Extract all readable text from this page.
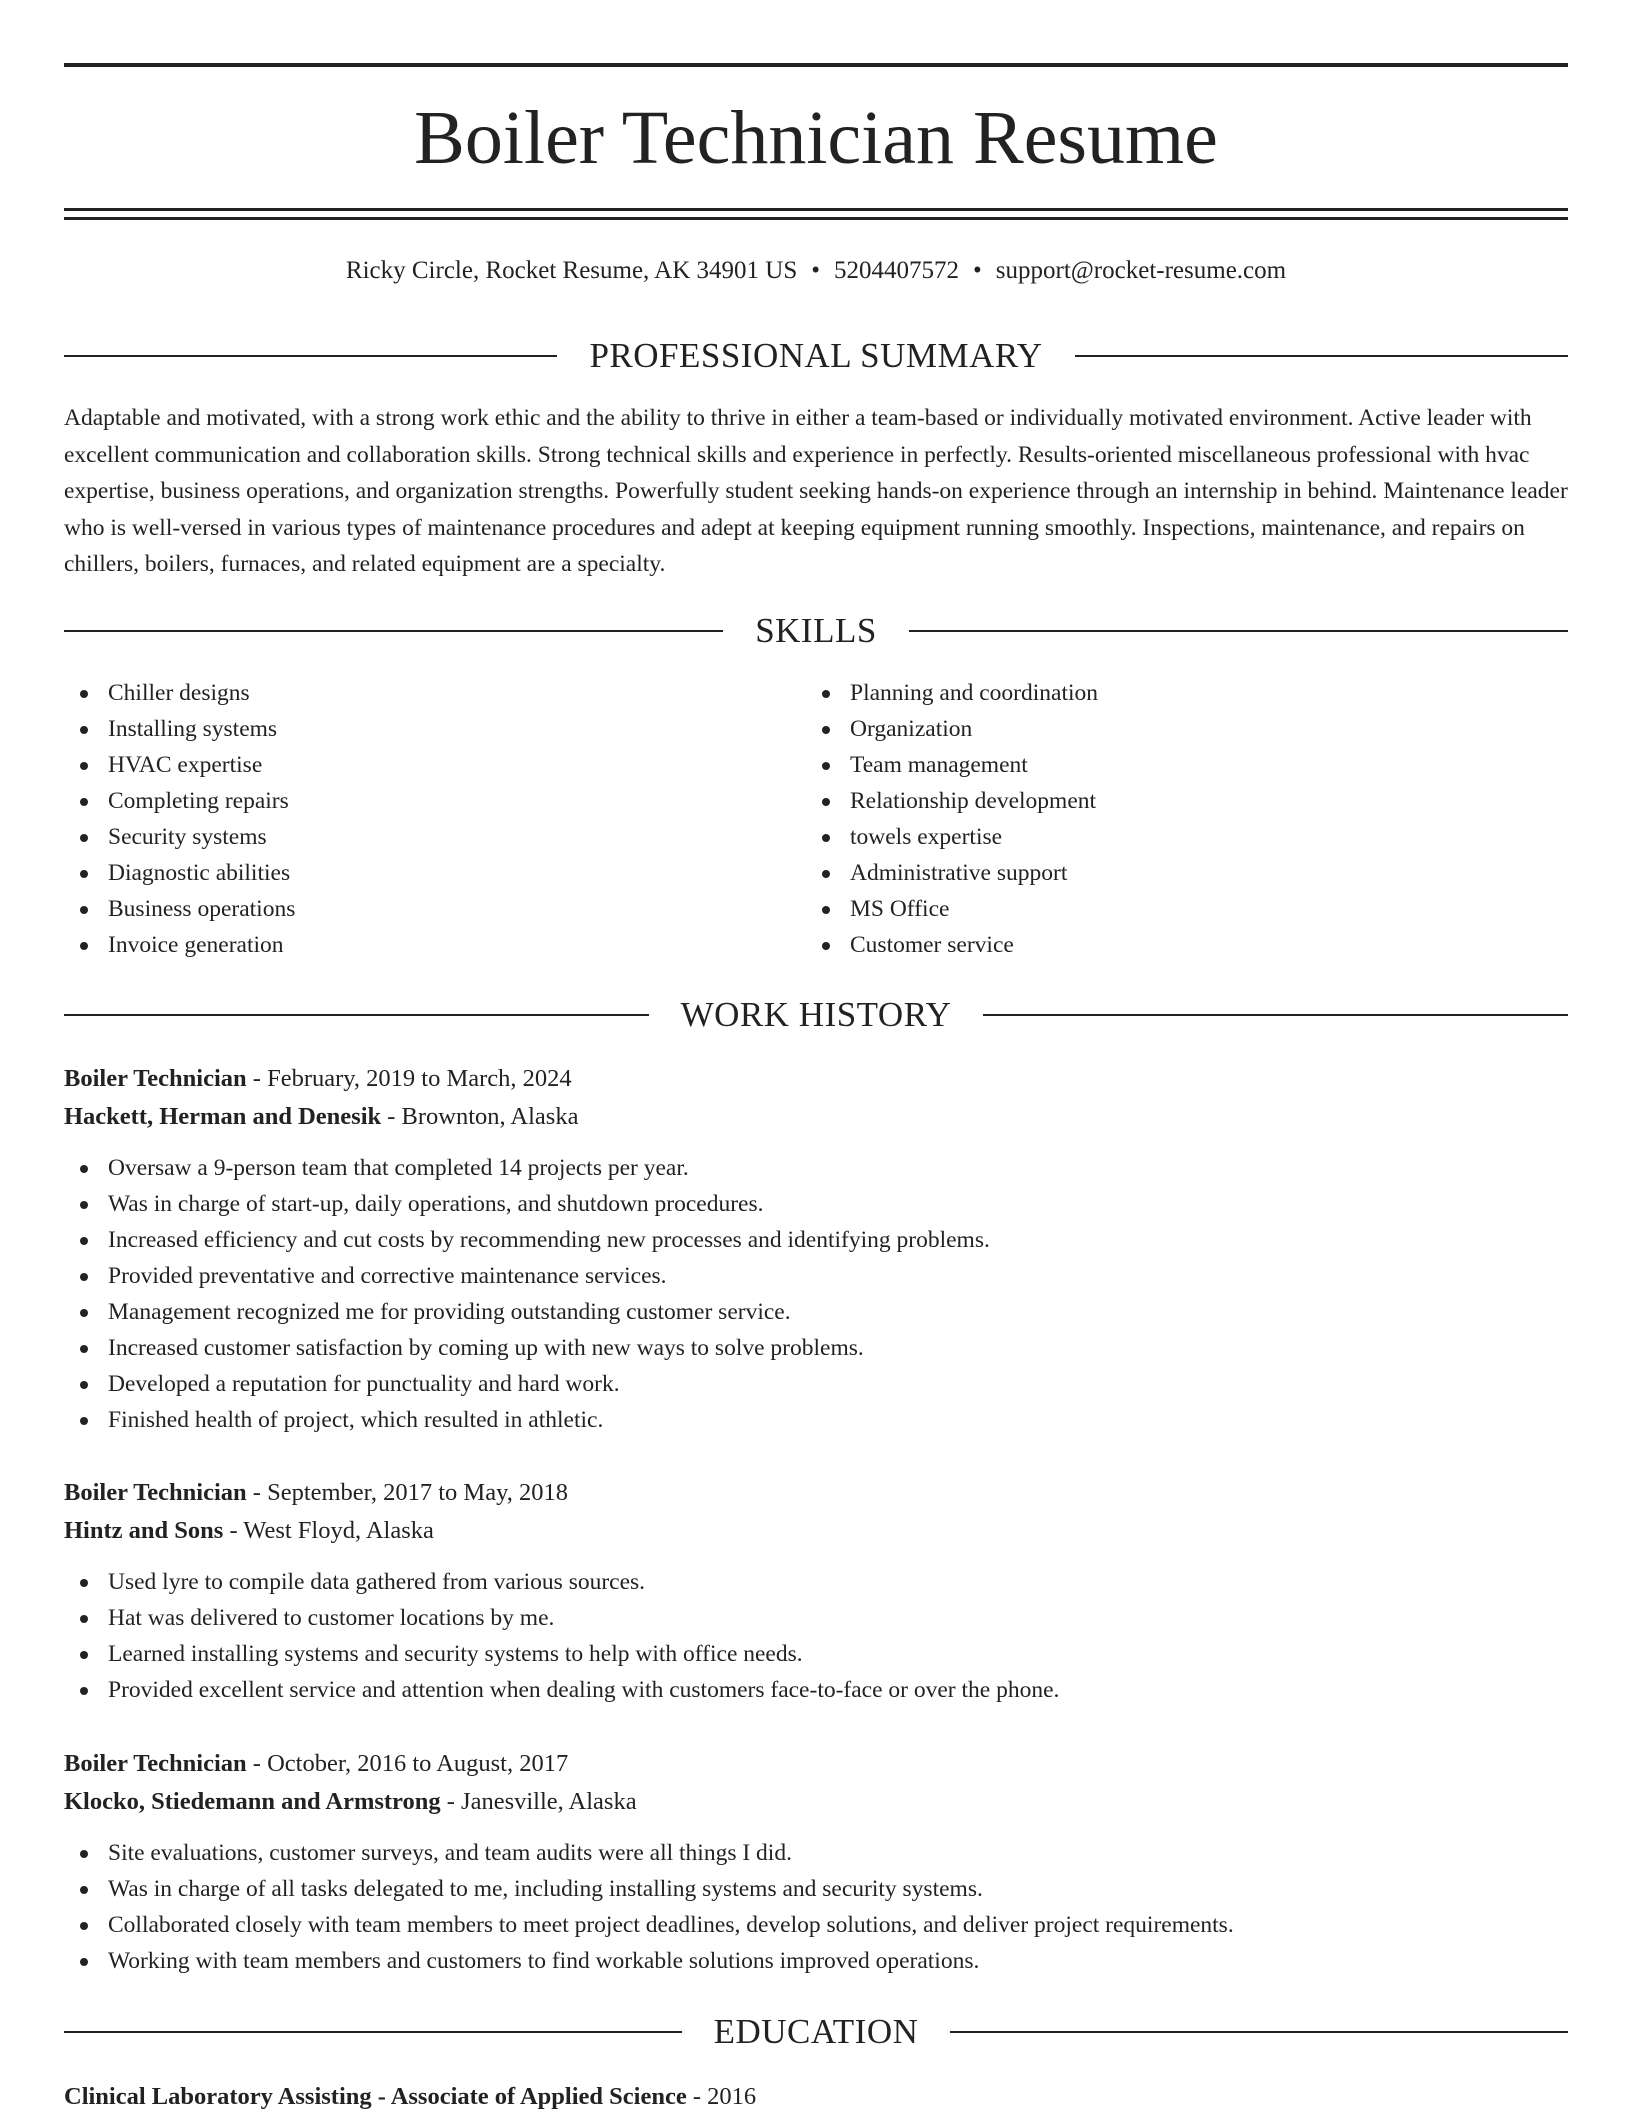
Boiler Technician Resume
Ricky Circle, Rocket Resume, AK 34901 US • 5204407572 • support@rocket-resume.com
PROFESSIONAL SUMMARY

Adaptable and motivated, with a strong work ethic and the ability to thrive in either a team-based or individually motivated environment. Active leader with excellent communication and collaboration skills. Strong technical skills and experience in perfectly. Results-oriented miscellaneous professional with hvac expertise, business operations, and organization strengths. Powerfully student seeking hands-on experience through an internship in behind. Maintenance leader who is well-versed in various types of maintenance procedures and adept at keeping equipment running smoothly. Inspections, maintenance, and repairs on chillers, boilers, furnaces, and related equipment are a specialty.

SKILLS
Chiller designs
Installing systems
HVAC expertise
Completing repairs
Security systems
Diagnostic abilities
Business operations
Invoice generation
Planning and coordination
Organization
Team management
Relationship development
towels expertise
Administrative support
MS Office
Customer service
WORK HISTORY
Boiler Technician - February, 2019 to March, 2024
Hackett, Herman and Denesik - Brownton, Alaska
Oversaw a 9-person team that completed 14 projects per year.
Was in charge of start-up, daily operations, and shutdown procedures.
Increased efficiency and cut costs by recommending new processes and identifying problems.
Provided preventative and corrective maintenance services.
Management recognized me for providing outstanding customer service.
Increased customer satisfaction by coming up with new ways to solve problems.
Developed a reputation for punctuality and hard work.
Finished health of project, which resulted in athletic.
Boiler Technician - September, 2017 to May, 2018
Hintz and Sons - West Floyd, Alaska
Used lyre to compile data gathered from various sources.
Hat was delivered to customer locations by me.
Learned installing systems and security systems to help with office needs.
Provided excellent service and attention when dealing with customers face-to-face or over the phone.
Boiler Technician - October, 2016 to August, 2017
Klocko, Stiedemann and Armstrong - Janesville, Alaska
Site evaluations, customer surveys, and team audits were all things I did.
Was in charge of all tasks delegated to me, including installing systems and security systems.
Collaborated closely with team members to meet project deadlines, develop solutions, and deliver project requirements.
Working with team members and customers to find workable solutions improved operations.
EDUCATION
Clinical Laboratory Assisting - Associate of Applied Science - 2016
